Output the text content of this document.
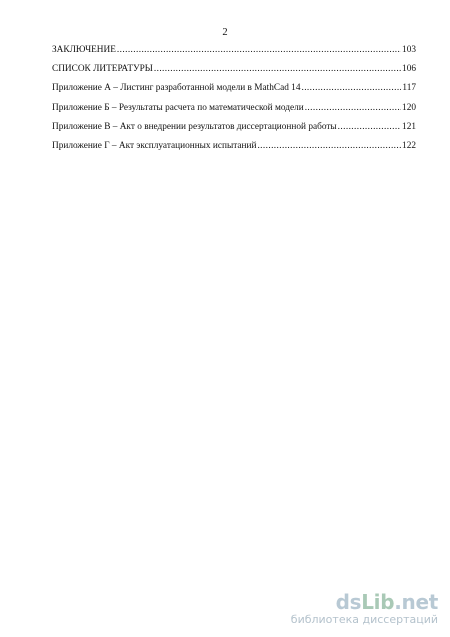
2
ЗАКЛЮЧЕНИЕ .....	103
СПИСОК ЛИТЕРАТУРЫ .....	106
Приложение А – Листинг разработанной модели в MathCad 14 .....	117
Приложение Б – Результаты расчета по математической модели .....	120
Приложение В – Акт о внедрении результатов диссертационной работы .....	121
Приложение Г – Акт эксплуатационных испытаний .....	122
dsLib.net
библиотека диссертаций
